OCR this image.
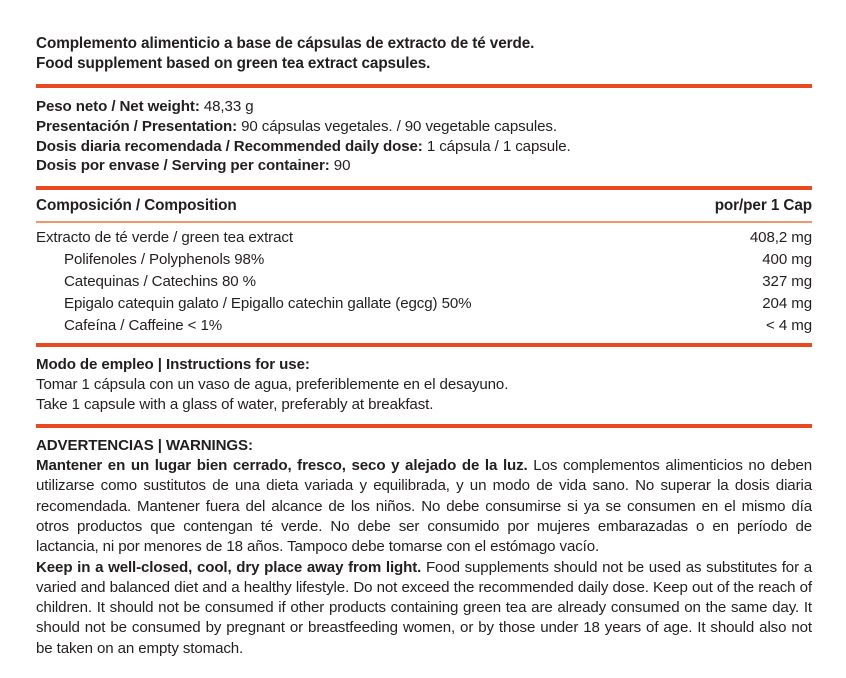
Complemento alimenticio a base de cápsulas de extracto de té verde.
Food supplement based on green tea extract capsules.
Peso neto / Net weight: 48,33 g
Presentación / Presentation: 90 cápsulas vegetales. / 90 vegetable capsules.
Dosis diaria recomendada / Recommended daily dose: 1 cápsula / 1 capsule.
Dosis por envase / Serving per container: 90
Composición / Composition	por/per 1 Cap
Extracto de té verde / green tea extract	408,2 mg
Polifenoles / Polyphenols 98%	400 mg
Catequinas / Catechins 80 %	327 mg
Epigalo catequin galato / Epigallo catechin gallate (egcg) 50%	204 mg
Cafeína / Caffeine < 1%	< 4 mg
Modo de empleo | Instructions for use:
Tomar 1 cápsula con un vaso de agua, preferiblemente en el desayuno.
Take 1 capsule with a glass of water, preferably at breakfast.
ADVERTENCIAS | WARNINGS:

Mantener en un lugar bien cerrado, fresco, seco y alejado de la luz. Los complementos alimenticios no deben utilizarse como sustitutos de una dieta variada y equilibrada, y un modo de vida sano. No superar la dosis diaria recomendada. Mantener fuera del alcance de los niños. No debe consumirse si ya se consumen en el mismo día otros productos que contengan té verde. No debe ser consumido por mujeres embarazadas o en período de lactancia, ni por menores de 18 años. Tampoco debe tomarse con el estómago vacío.

Keep in a well-closed, cool, dry place away from light. Food supplements should not be used as substitutes for a varied and balanced diet and a healthy lifestyle. Do not exceed the recommended daily dose. Keep out of the reach of children. It should not be consumed if other products containing green tea are already consumed on the same day. It should not be consumed by pregnant or breastfeeding women, or by those under 18 years of age. It should also not be taken on an empty stomach.
